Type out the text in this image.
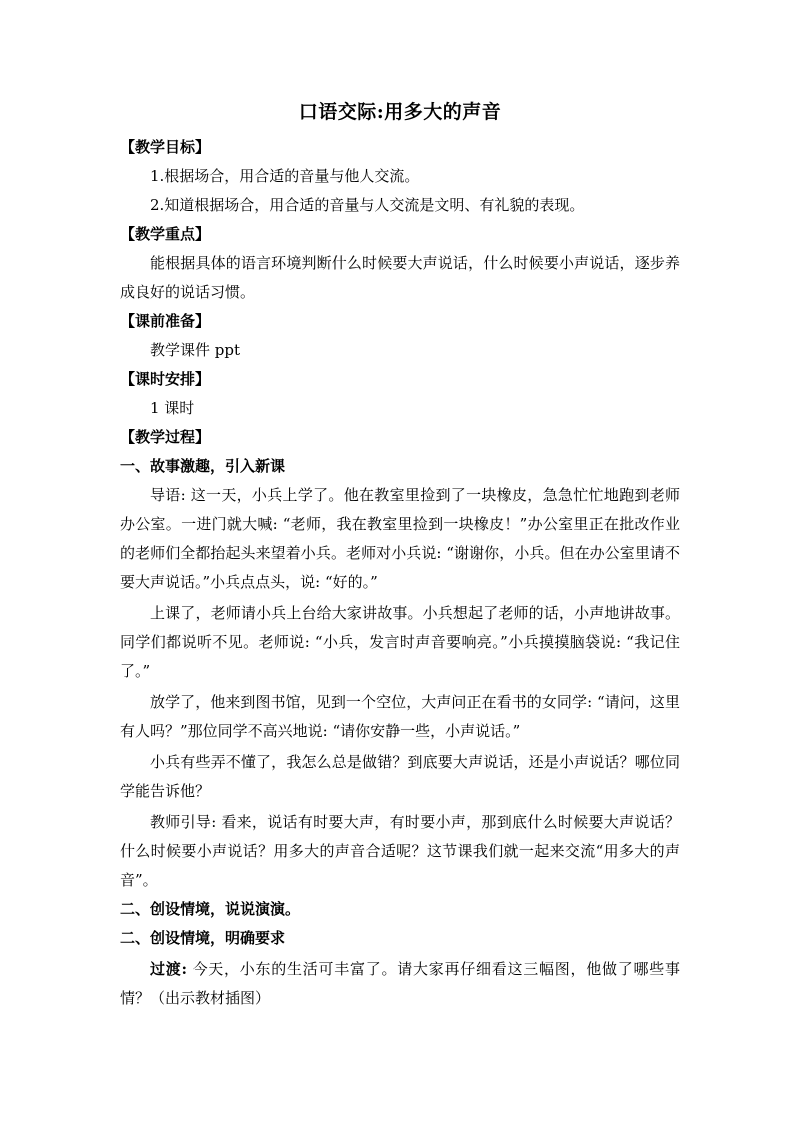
口语交际:用多大的声音
【教学目标】

1.根据场合，用合适的音量与他人交流。

2.知道根据场合，用合适的音量与人交流是文明、有礼貌的表现。

【教学重点】

能根据具体的语言环境判断什么时候要大声说话，什么时候要小声说话，逐步养成良好的说话习惯。

【课前准备】

教学课件 ppt

【课时安排】

1 课时

【教学过程】
一、故事激趣，引入新课

导语: 这一天，小兵上学了。他在教室里捡到了一块橡皮，急急忙忙地跑到老师办公室。一进门就大喊: “老师，我在教室里捡到一块橡皮！”办公室里正在批改作业的老师们全都抬起头来望着小兵。老师对小兵说: “谢谢你，小兵。但在办公室里请不要大声说话。”小兵点点头，说: “好的。”

上课了，老师请小兵上台给大家讲故事。小兵想起了老师的话，小声地讲故事。同学们都说听不见。老师说: “小兵，发言时声音要响亮。”小兵摸摸脑袋说: “我记住了。”

放学了，他来到图书馆，见到一个空位，大声问正在看书的女同学: “请问，这里有人吗？”那位同学不高兴地说: “请你安静一些，小声说话。”

小兵有些弄不懂了，我怎么总是做错？到底要大声说话，还是小声说话？哪位同学能告诉他？

教师引导: 看来，说话有时要大声，有时要小声，那到底什么时候要大声说话？什么时候要小声说话？用多大的声音合适呢？这节课我们就一起来交流“用多大的声音”。

二、创设情境，说说演演。
二、创设情境，明确要求

过渡: 今天，小东的生活可丰富了。请大家再仔细看这三幅图，他做了哪些事情？（出示教材插图）
